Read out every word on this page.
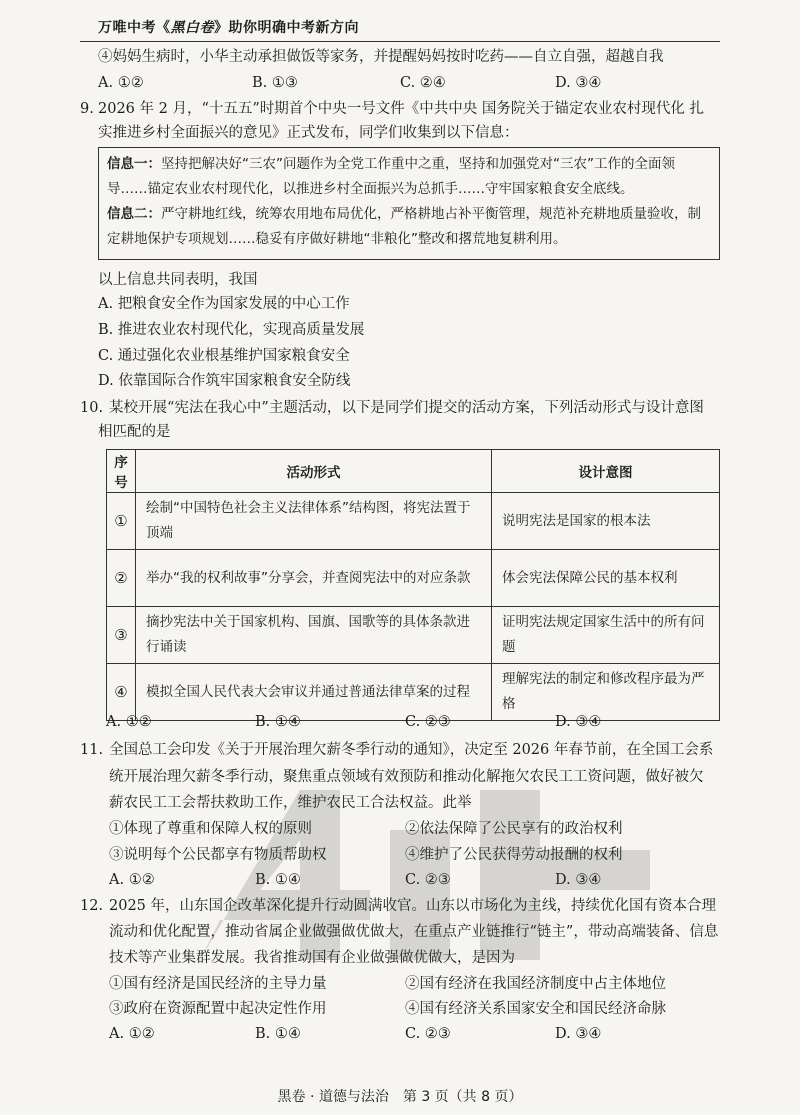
万唯中考《黑白卷》助你明确中考新方向
④妈妈生病时，小华主动承担做饭等家务，并提醒妈妈按时吃药——自立自强，超越自我
A. ①②	B. ①③	C. ②④	D. ③④
9. 2026 年 2 月，“十五五”时期首个中央一号文件《中共中央 国务院关于锚定农业农村现代化 扎
实推进乡村全面振兴的意见》正式发布，同学们收集到以下信息：
信息一：坚持把解决好“三农”问题作为全党工作重中之重，坚持和加强党对“三农”工作的全面领导……锚定农业农村现代化，以推进乡村全面振兴为总抓手……守牢国家粮食安全底线。
信息二：严守耕地红线，统筹农用地布局优化，严格耕地占补平衡管理，规范补充耕地质量验收，制定耕地保护专项规划……稳妥有序做好耕地“非粮化”整改和撂荒地复耕利用。
以上信息共同表明，我国
A. 把粮食安全作为国家发展的中心工作
B. 推进农业农村现代化，实现高质量发展
C. 通过强化农业根基维护国家粮食安全
D. 依靠国际合作筑牢国家粮食安全防线
10. 某校开展“宪法在我心中”主题活动，以下是同学们提交的活动方案，下列活动形式与设计意图
相匹配的是
序号	活动形式	设计意图
①	绘制“中国特色社会主义法律体系”结构图，将宪法置于顶端	说明宪法是国家的根本法
②	举办“我的权利故事”分享会，并查阅宪法中的对应条款	体会宪法保障公民的基本权利
③	摘抄宪法中关于国家机构、国旗、国歌等的具体条款进行诵读	证明宪法规定国家生活中的所有问题
④	模拟全国人民代表大会审议并通过普通法律草案的过程	理解宪法的制定和修改程序最为严格
A. ①②	B. ①④	C. ②③	D. ③④
11. 全国总工会印发《关于开展治理欠薪冬季行动的通知》，决定至 2026 年春节前，在全国工会系
统开展治理欠薪冬季行动，聚焦重点领域有效预防和推动化解拖欠农民工工资问题，做好被欠
薪农民工工会帮扶救助工作，维护农民工合法权益。此举
①体现了尊重和保障人权的原则	②依法保障了公民享有的政治权利
③说明每个公民都享有物质帮助权	④维护了公民获得劳动报酬的权利
A. ①②	B. ①④	C. ②③	D. ③④
12. 2025 年，山东国企改革深化提升行动圆满收官。山东以市场化为主线，持续优化国有资本合理
流动和优化配置，推动省属企业做强做优做大，在重点产业链推行“链主”，带动高端装备、信息
技术等产业集群发展。我省推动国有企业做强做优做大，是因为
①国有经济是国民经济的主导力量	②国有经济在我国经济制度中占主体地位
③政府在资源配置中起决定性作用	④国有经济关系国家安全和国民经济命脉
A. ①②	B. ①④	C. ②③	D. ③④
黑卷 · 道德与法治　第 3 页（共 8 页）
